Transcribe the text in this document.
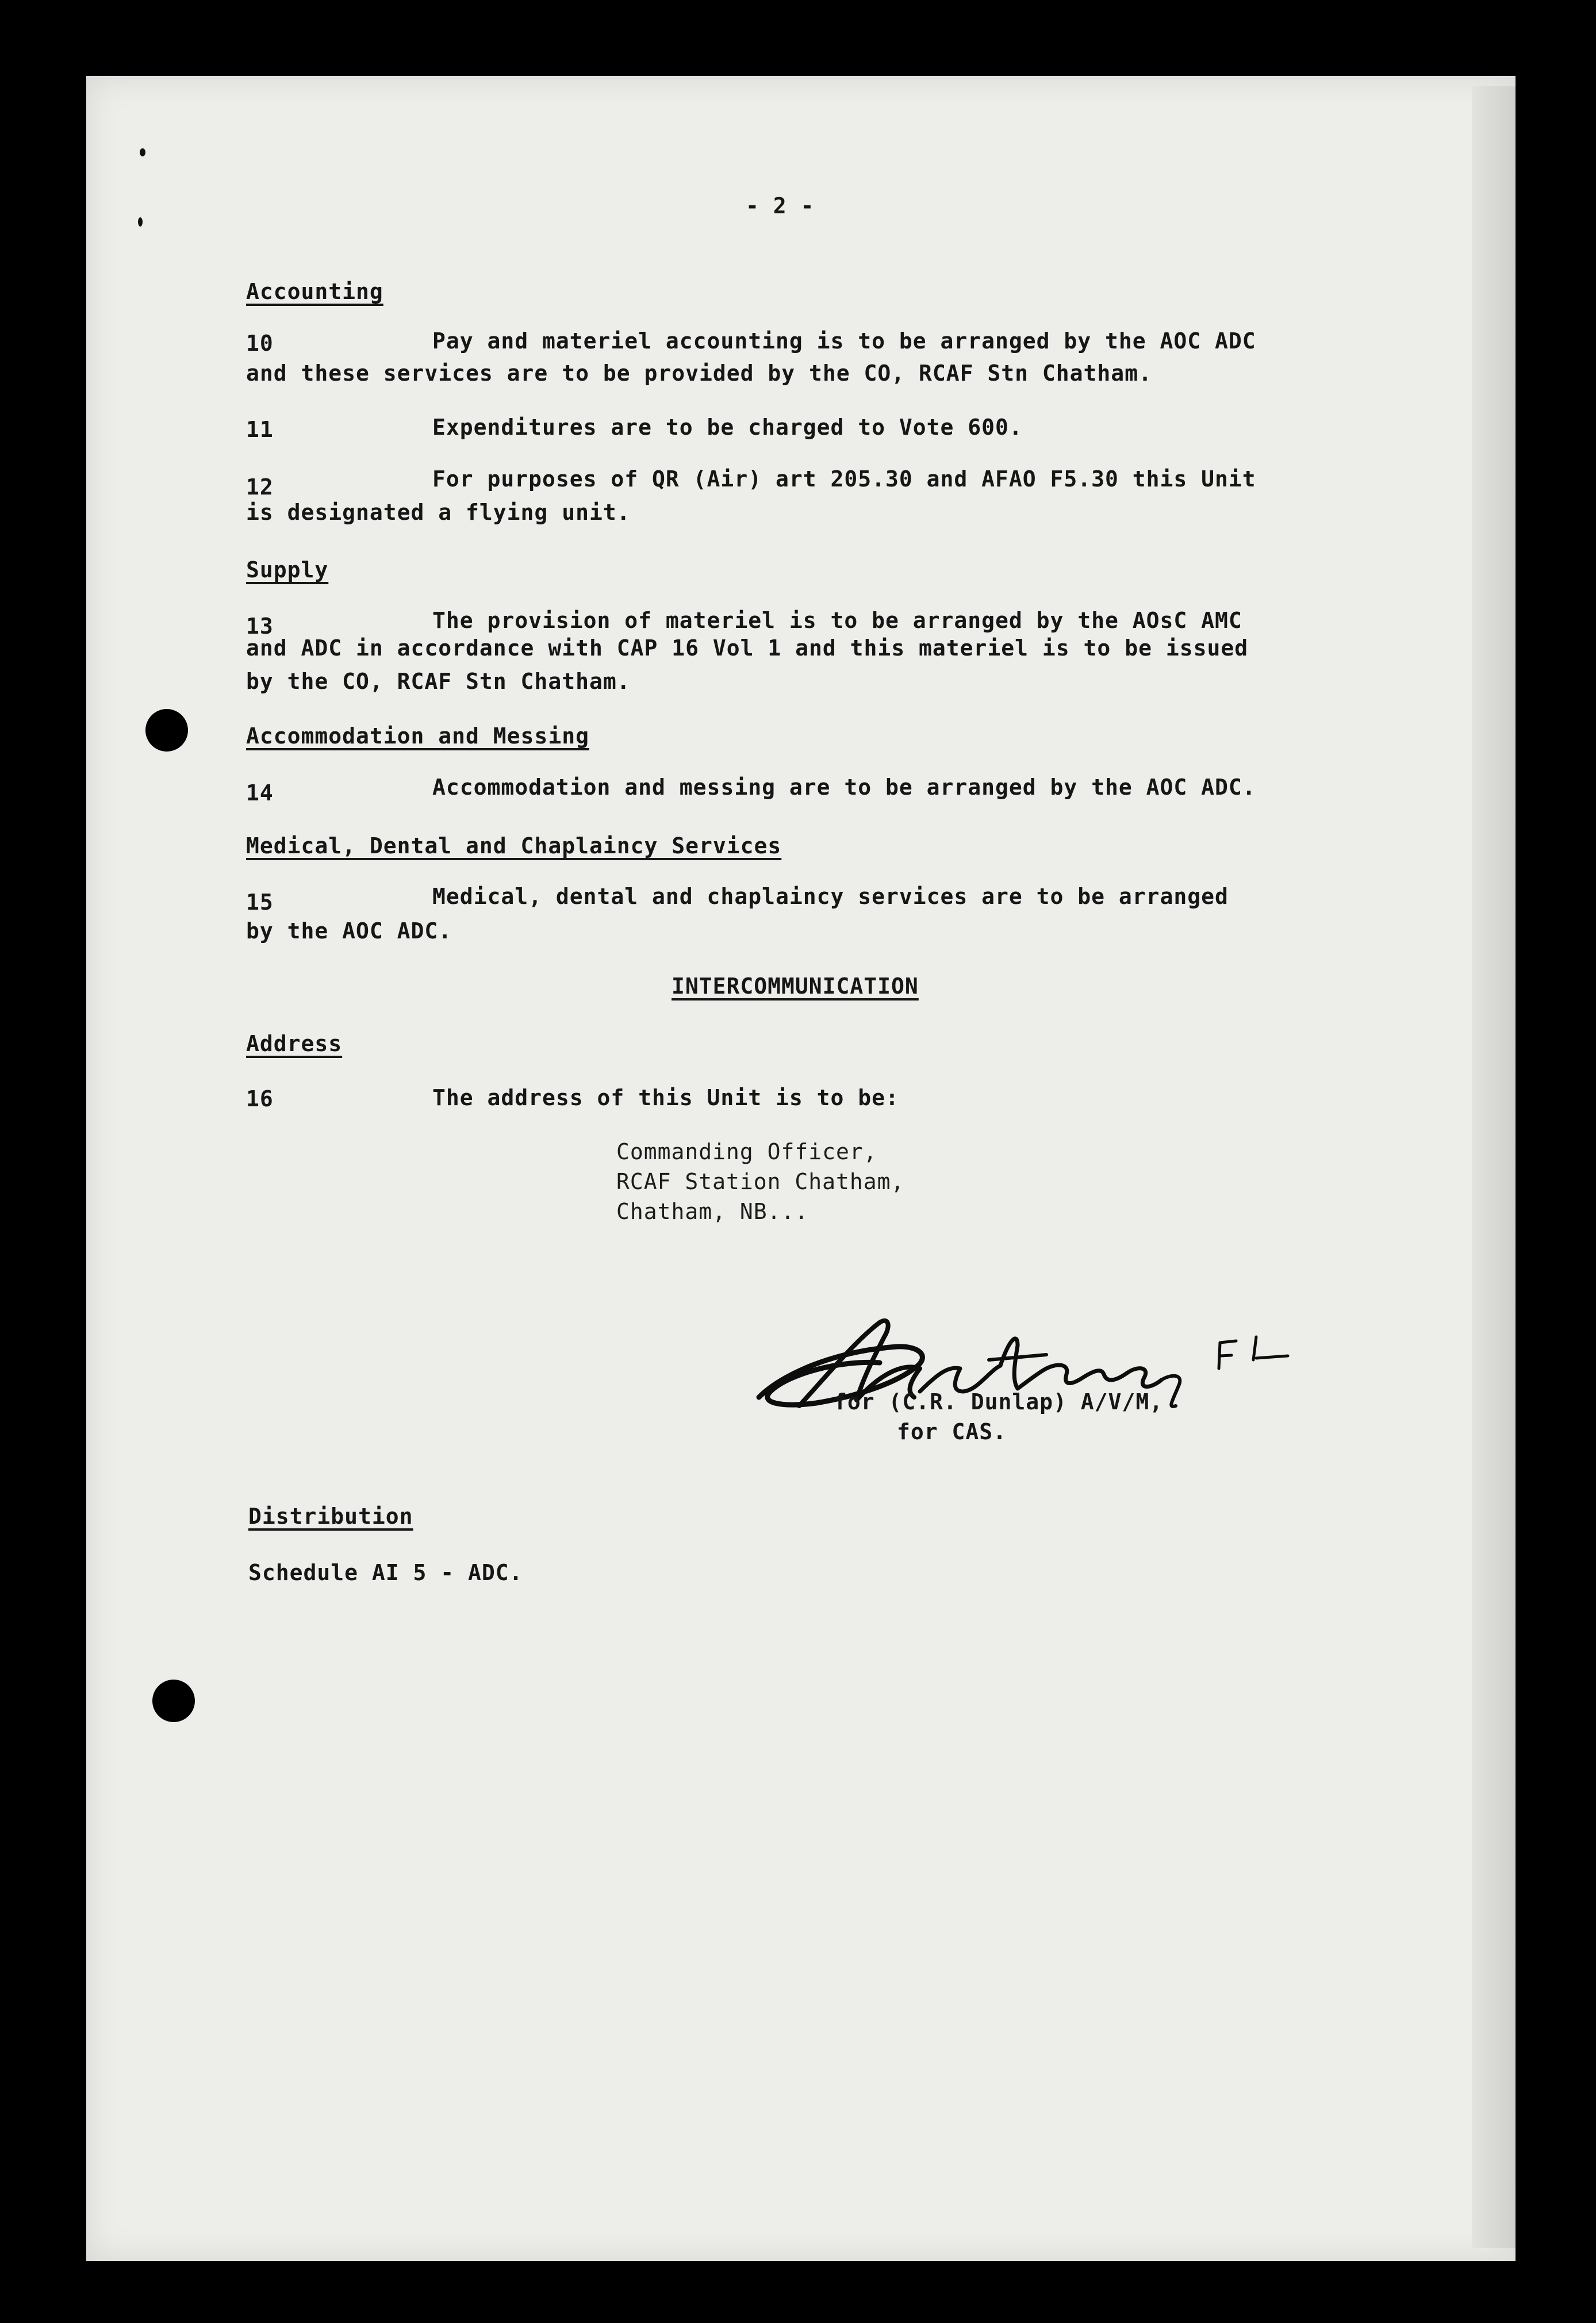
- 2 -
Accounting
10	Pay and materiel accounting is to be arranged by the AOC ADC
and these services are to be provided by the CO, RCAF Stn Chatham.
11	Expenditures are to be charged to Vote 600.
12	For purposes of QR (Air) art 205.30 and AFAO F5.30 this Unit
is designated a flying unit.
Supply
13	The provision of materiel is to be arranged by the AOsC AMC
and ADC in accordance with CAP 16 Vol 1 and this materiel is to be issued
by the CO, RCAF Stn Chatham.
Accommodation and Messing
14	Accommodation and messing are to be arranged by the AOC ADC.
Medical, Dental and Chaplaincy Services
15	Medical, dental and chaplaincy services are to be arranged
by the AOC ADC.
INTERCOMMUNICATION
Address
16	The address of this Unit is to be:
Commanding Officer,
RCAF Station Chatham,
Chatham, NB...
F/L
for (C.R. Dunlap) A/V/M,
for CAS.
Distribution
Schedule AI 5 - ADC.
